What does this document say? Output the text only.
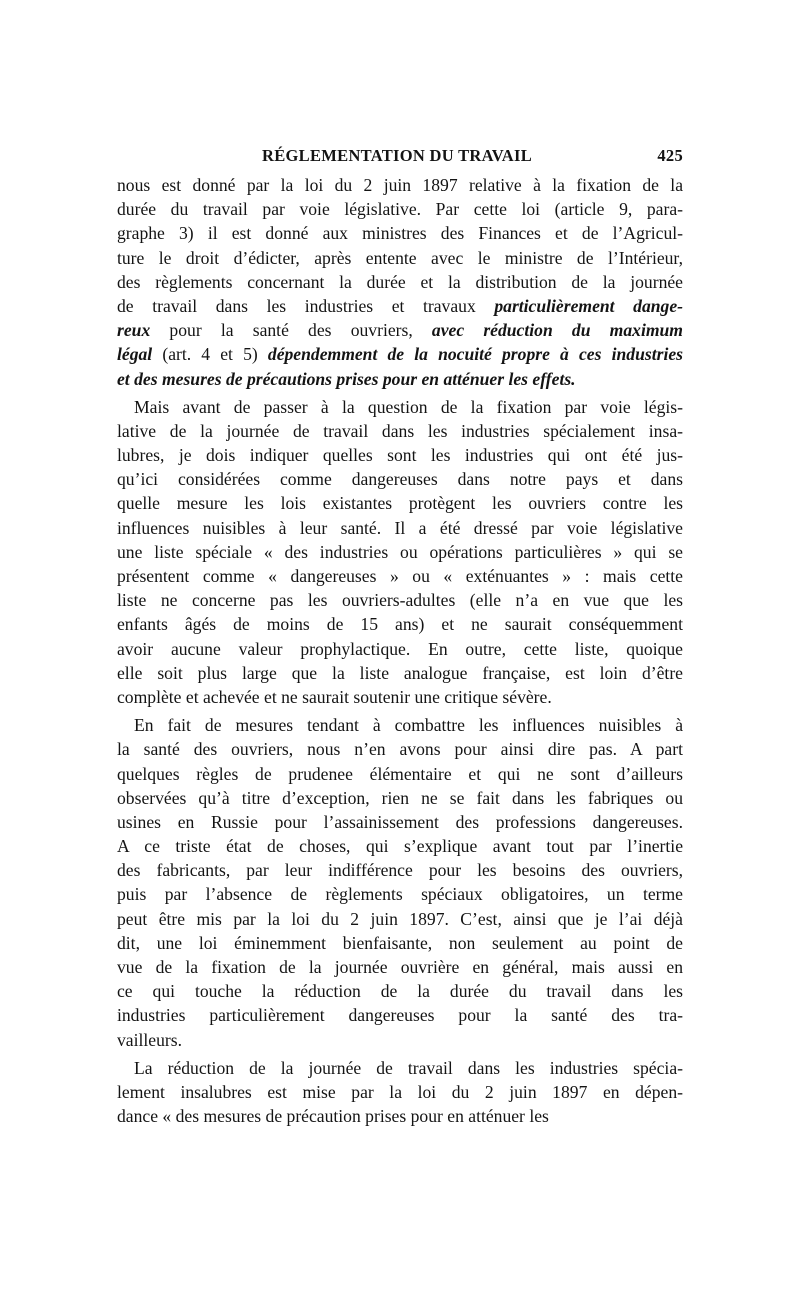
RÉGLEMENTATION DU TRAVAIL	425
nous est donné par la loi du 2 juin 1897 relative à la fixation de la
durée du travail par voie législative. Par cette loi (article 9, para-
graphe 3) il est donné aux ministres des Finances et de l’Agricul-
ture le droit d’édicter, après entente avec le ministre de l’Intérieur,
des règlements concernant la durée et la distribution de la journée
de travail dans les industries et travaux particulièrement dange-
reux pour la santé des ouvriers, avec réduction du maximum
légal (art. 4 et 5) dépendemment de la nocuité propre à ces industries
et des mesures de précautions prises pour en atténuer les effets.
Mais avant de passer à la question de la fixation par voie légis-
lative de la journée de travail dans les industries spécialement insa-
lubres, je dois indiquer quelles sont les industries qui ont été jus-
qu’ici considérées comme dangereuses dans notre pays et dans
quelle mesure les lois existantes protègent les ouvriers contre les
influences nuisibles à leur santé. Il a été dressé par voie législative
une liste spéciale « des industries ou opérations particulières » qui se
présentent comme « dangereuses » ou « exténuantes » : mais cette
liste ne concerne pas les ouvriers-adultes (elle n’a en vue que les
enfants âgés de moins de 15 ans) et ne saurait conséquemment
avoir aucune valeur prophylactique. En outre, cette liste, quoique
elle soit plus large que la liste analogue française, est loin d’être
complète et achevée et ne saurait soutenir une critique sévère.
En fait de mesures tendant à combattre les influences nuisibles à
la santé des ouvriers, nous n’en avons pour ainsi dire pas. A part
quelques règles de prudenee élémentaire et qui ne sont d’ailleurs
observées qu’à titre d’exception, rien ne se fait dans les fabriques ou
usines en Russie pour l’assainissement des professions dangereuses.
A ce triste état de choses, qui s’explique avant tout par l’inertie
des fabricants, par leur indifférence pour les besoins des ouvriers,
puis par l’absence de règlements spéciaux obligatoires, un terme
peut être mis par la loi du 2 juin 1897. C’est, ainsi que je l’ai déjà
dit, une loi éminemment bienfaisante, non seulement au point de
vue de la fixation de la journée ouvrière en général, mais aussi en
ce qui touche la réduction de la durée du travail dans les
industries particulièrement dangereuses pour la santé des tra-
vailleurs.
La réduction de la journée de travail dans les industries spécia-
lement insalubres est mise par la loi du 2 juin 1897 en dépen-
dance « des mesures de précaution prises pour en atténuer les
